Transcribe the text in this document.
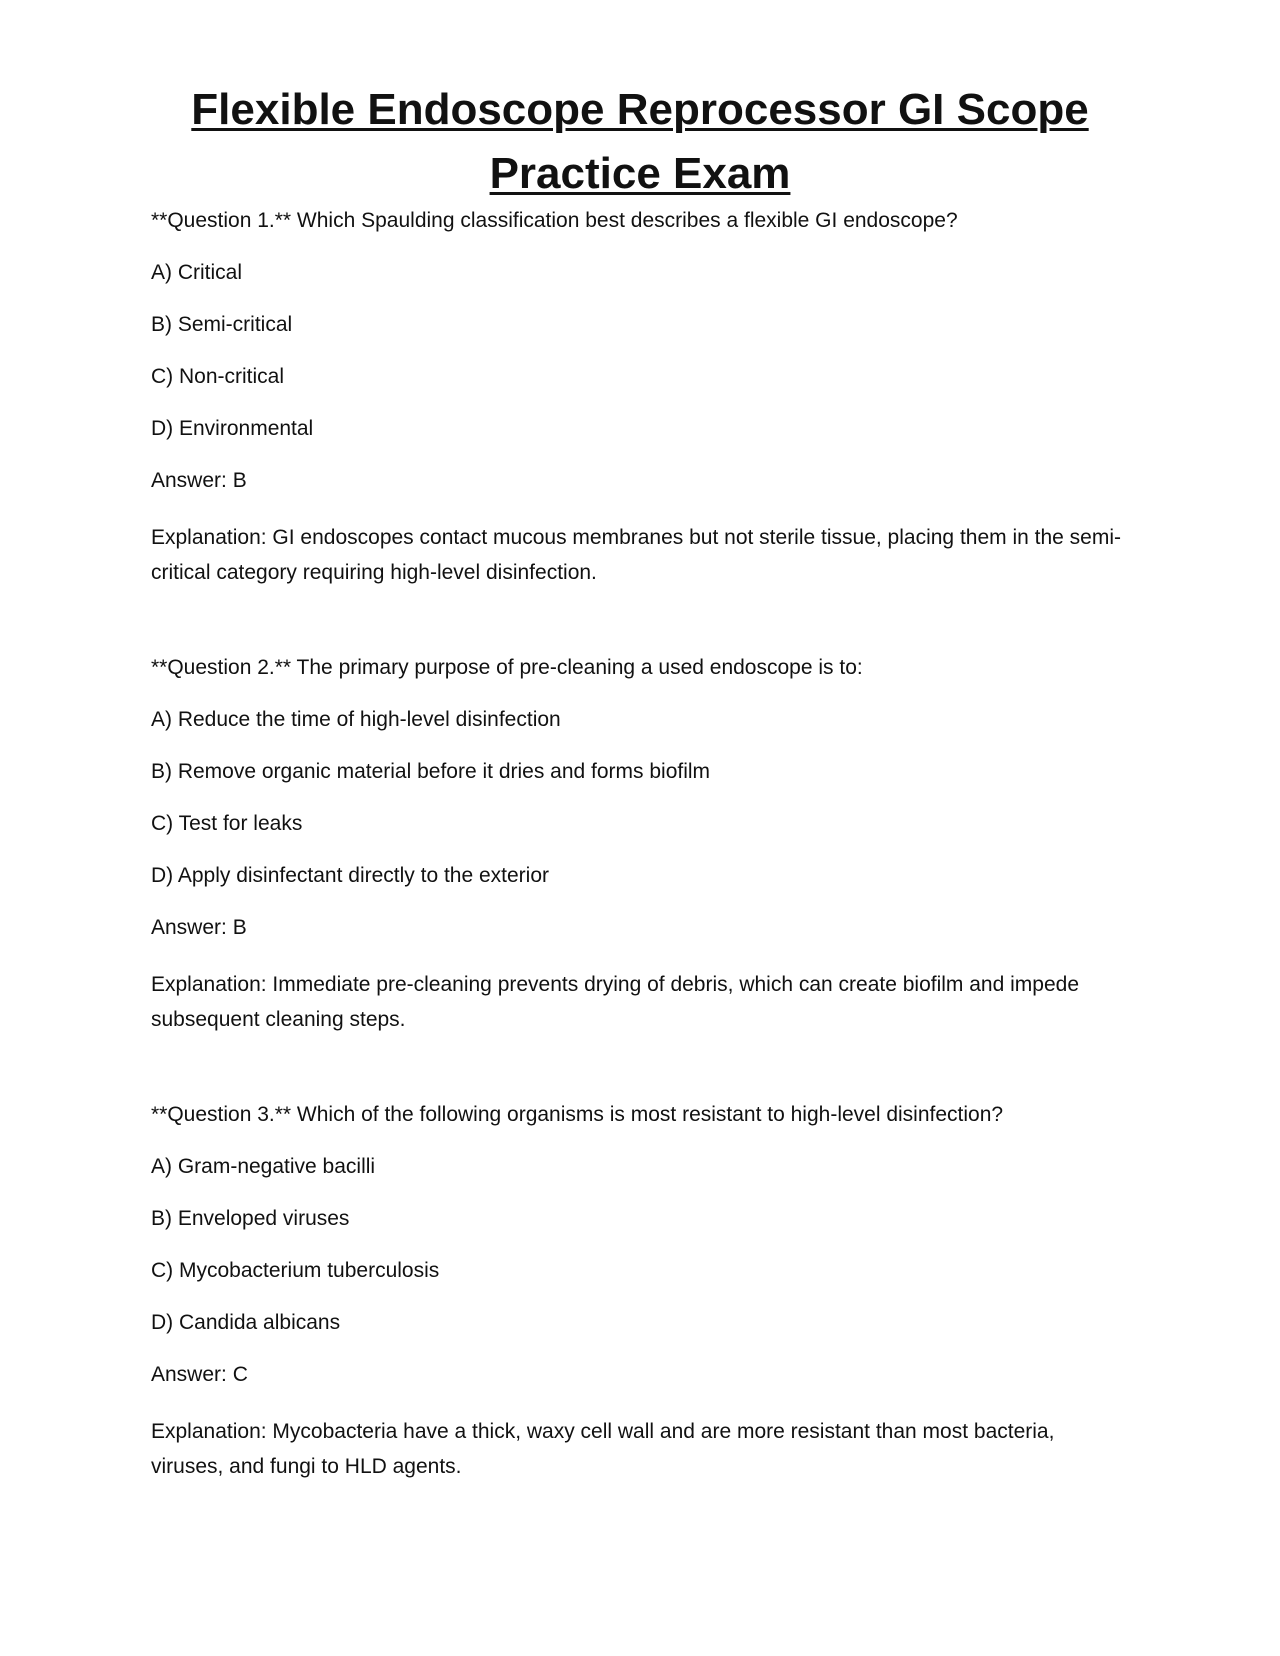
Flexible Endoscope Reprocessor GI Scope
Practice Exam

**Question 1.** Which Spaulding classification best describes a flexible GI endoscope?

A) Critical

B) Semi-critical

C) Non-critical

D) Environmental

Answer: B

Explanation: GI endoscopes contact mucous membranes but not sterile tissue, placing them in the semi-critical category requiring high-level disinfection.

**Question 2.** The primary purpose of pre-cleaning a used endoscope is to:

A) Reduce the time of high-level disinfection

B) Remove organic material before it dries and forms biofilm

C) Test for leaks

D) Apply disinfectant directly to the exterior

Answer: B

Explanation: Immediate pre-cleaning prevents drying of debris, which can create biofilm and impede subsequent cleaning steps.

**Question 3.** Which of the following organisms is most resistant to high-level disinfection?

A) Gram-negative bacilli

B) Enveloped viruses

C) Mycobacterium tuberculosis

D) Candida albicans

Answer: C

Explanation: Mycobacteria have a thick, waxy cell wall and are more resistant than most bacteria, viruses, and fungi to HLD agents.
